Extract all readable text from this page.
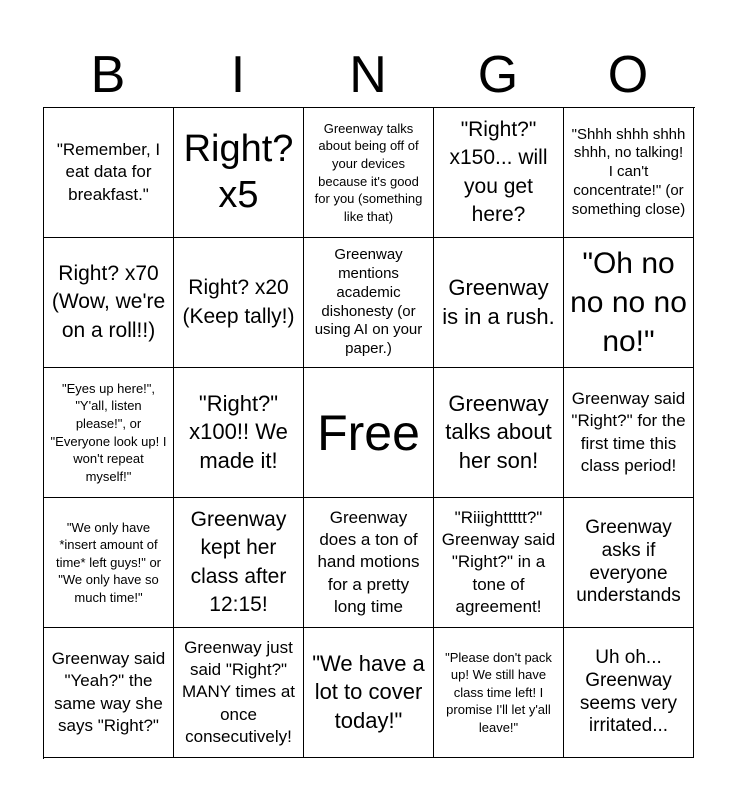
B	I	N	G	O
"Remember, I eat data for breakfast."
Right? x5
Greenway talks about being off of your devices because it's good for you (something like that)
"Right?" x150... will you get here?
"Shhh shhh shhh shhh, no talking! I can't concentrate!" (or something close)
Right? x70 (Wow, we're on a roll!!)
Right? x20 (Keep tally!)
Greenway mentions academic dishonesty (or using AI on your paper.)
Greenway is in a rush.
"Oh no no no no no!"
"Eyes up here!", "Y'all, listen please!", or "Everyone look up! I won't repeat myself!"
"Right?" x100!! We made it! Free
Greenway talks about her son!
Greenway said "Right?" for the first time this class period!
"We only have *insert amount of time* left guys!" or "We only have so much time!"
Greenway kept her class after 12:15!
Greenway does a ton of hand motions for a pretty long time
"Riiighttttt?" Greenway said "Right?" in a tone of agreement!
Greenway asks if everyone understands
Greenway said "Yeah?" the same way she says "Right?"
Greenway just said "Right?" MANY times at once consecutively!
"We have a lot to cover today!"
"Please don't pack up! We still have class time left! I promise I'll let y'all leave!"
Uh oh... Greenway seems very irritated...
